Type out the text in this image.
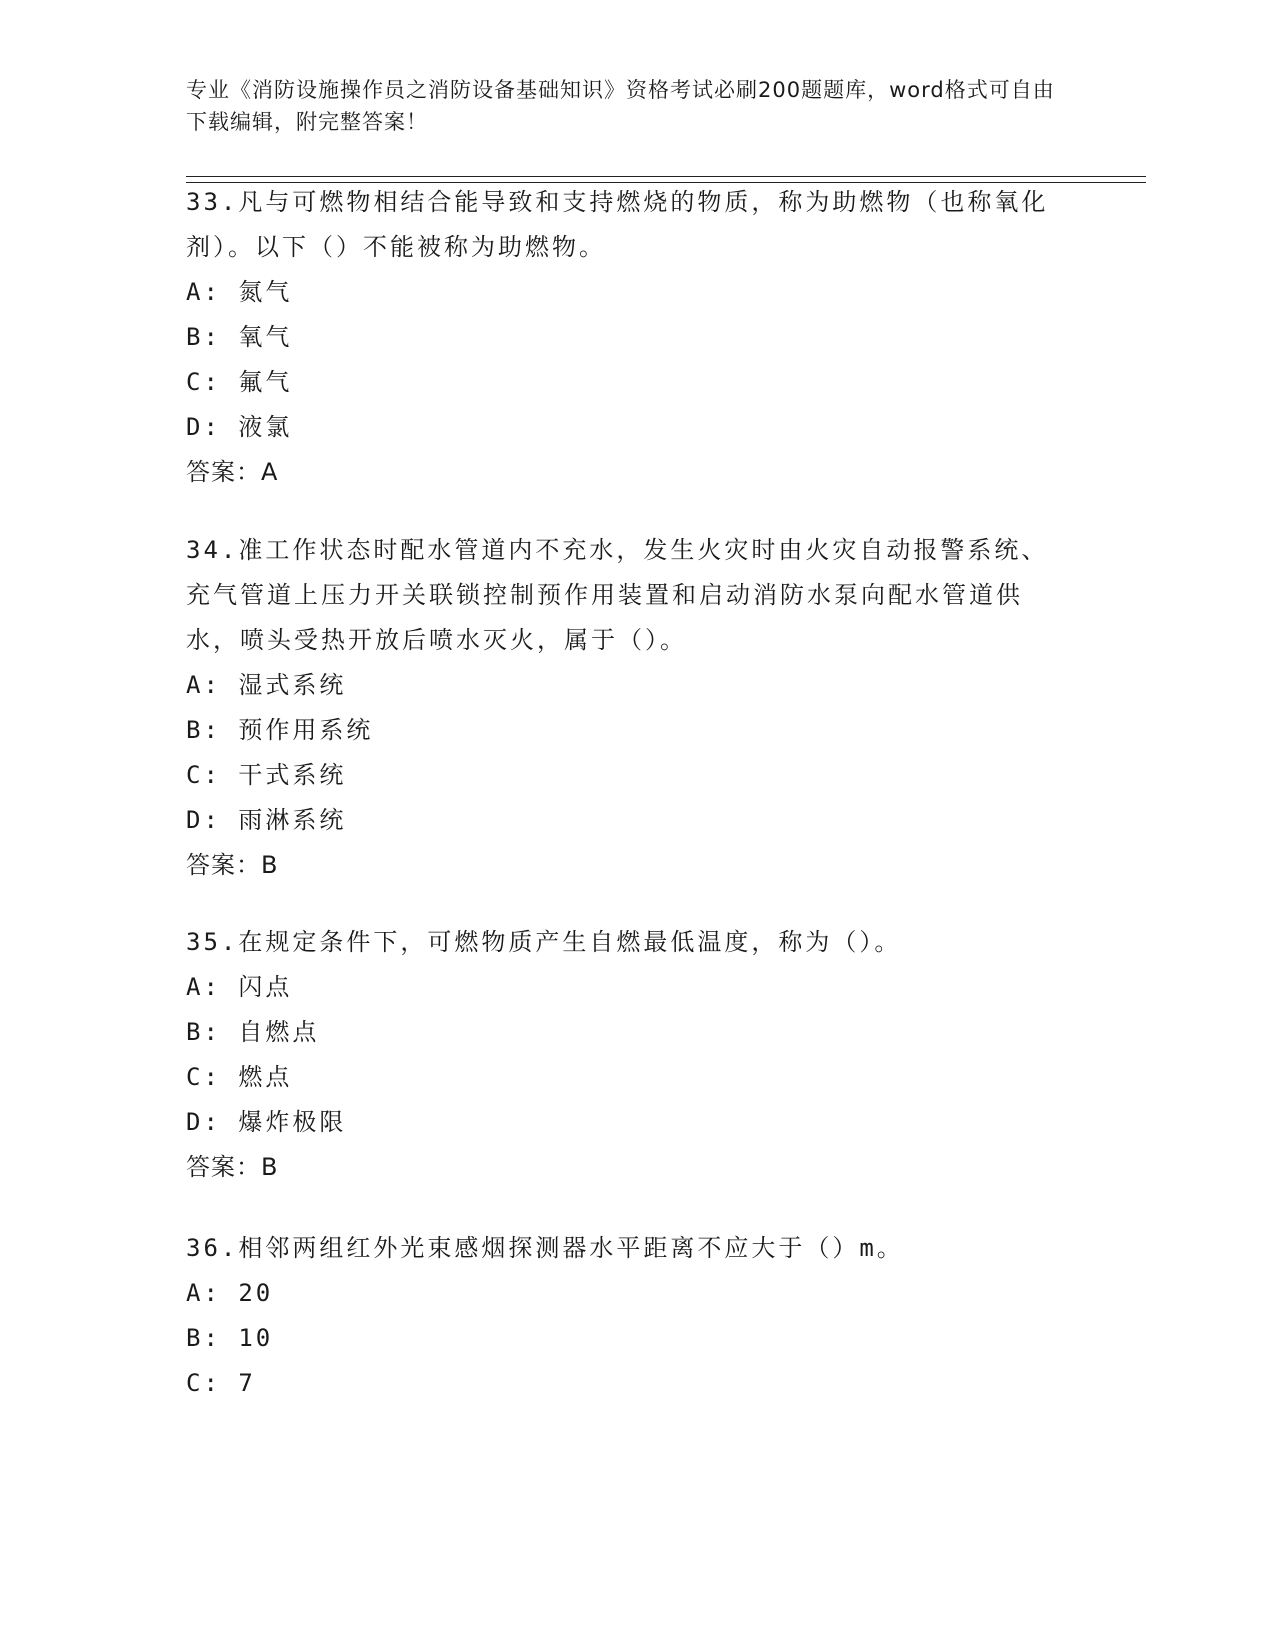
专业《消防设施操作员之消防设备基础知识》资格考试必刷200题题库，word格式可自由下载编辑，附完整答案！

33.凡与可燃物相结合能导致和支持燃烧的物质，称为助燃物（也称氧化剂）。以下（）不能被称为助燃物。

A: 氮气

B: 氧气

C: 氟气

D: 液氯

答案：A

34.准工作状态时配水管道内不充水，发生火灾时由火灾自动报警系统、充气管道上压力开关联锁控制预作用装置和启动消防水泵向配水管道供水，喷头受热开放后喷水灭火，属于（）。

A: 湿式系统

B: 预作用系统

C: 干式系统

D: 雨淋系统

答案：B

35.在规定条件下，可燃物质产生自燃最低温度，称为（）。

A: 闪点

B: 自燃点

C: 燃点

D: 爆炸极限

答案：B

36.相邻两组红外光束感烟探测器水平距离不应大于（）m。

A: 20

B: 10

C: 7
